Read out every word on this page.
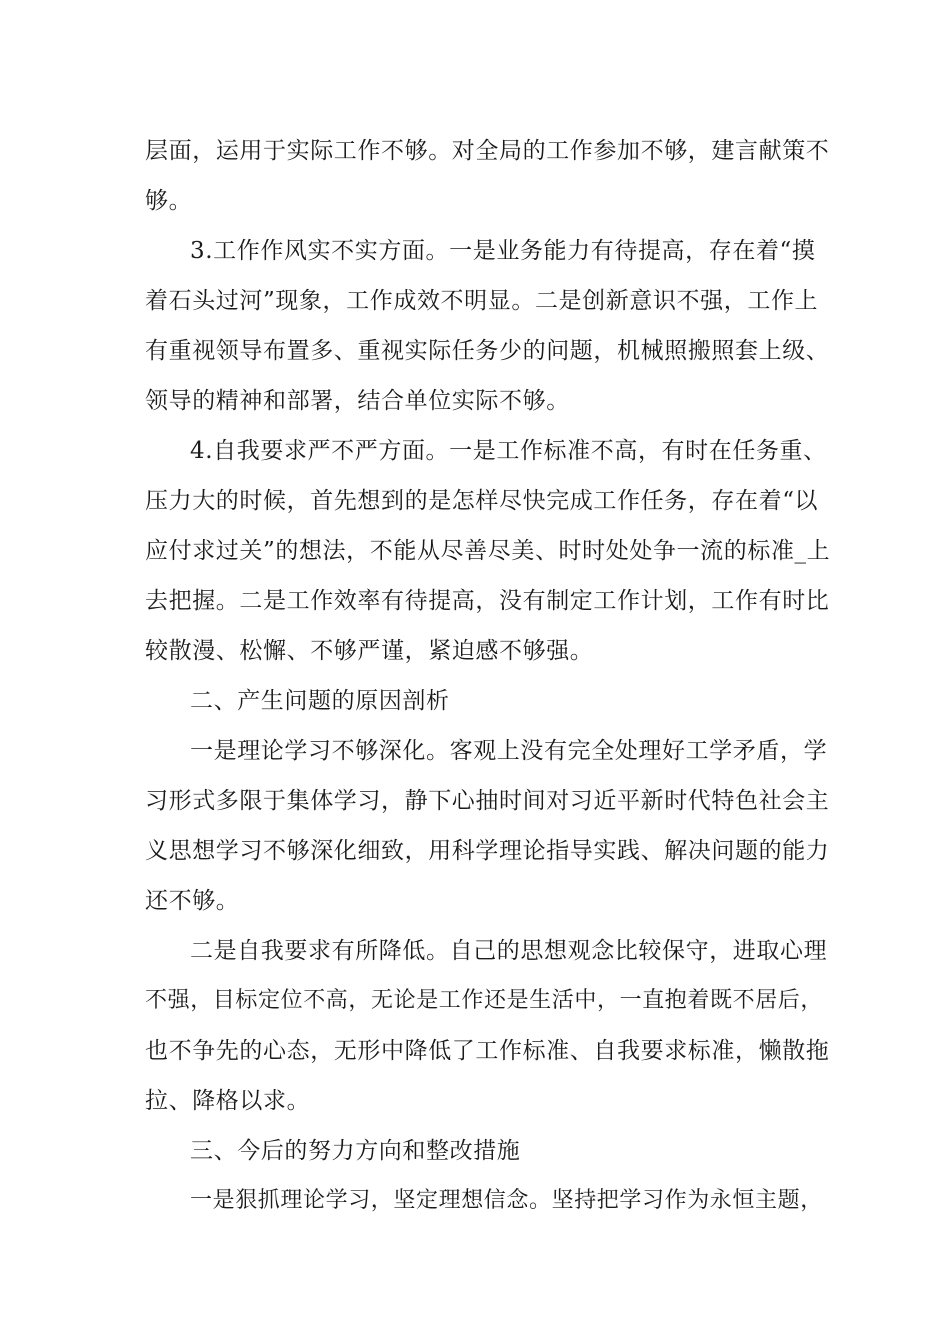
层面，运用于实际工作不够。对全局的工作参加不够，建言献策不
够。
3.工作作风实不实方面。一是业务能力有待提高，存在着“摸
着石头过河”现象，工作成效不明显。二是创新意识不强，工作上
有重视领导布置多、重视实际任务少的问题，机械照搬照套上级、
领导的精神和部署，结合单位实际不够。
4.自我要求严不严方面。一是工作标准不高，有时在任务重、
压力大的时候，首先想到的是怎样尽快完成工作任务，存在着“以
应付求过关”的想法，不能从尽善尽美、时时处处争一流的标准_上
去把握。二是工作效率有待提高，没有制定工作计划，工作有时比
较散漫、松懈、不够严谨，紧迫感不够强。
二、产生问题的原因剖析
一是理论学习不够深化。客观上没有完全处理好工学矛盾，学
习形式多限于集体学习，静下心抽时间对习近平新时代特色社会主
义思想学习不够深化细致，用科学理论指导实践、解决问题的能力
还不够。
二是自我要求有所降低。自己的思想观念比较保守，进取心理
不强，目标定位不高，无论是工作还是生活中，一直抱着既不居后，
也不争先的心态，无形中降低了工作标准、自我要求标准，懒散拖
拉、降格以求。
三、今后的努力方向和整改措施
一是狠抓理论学习，坚定理想信念。坚持把学习作为永恒主题，
